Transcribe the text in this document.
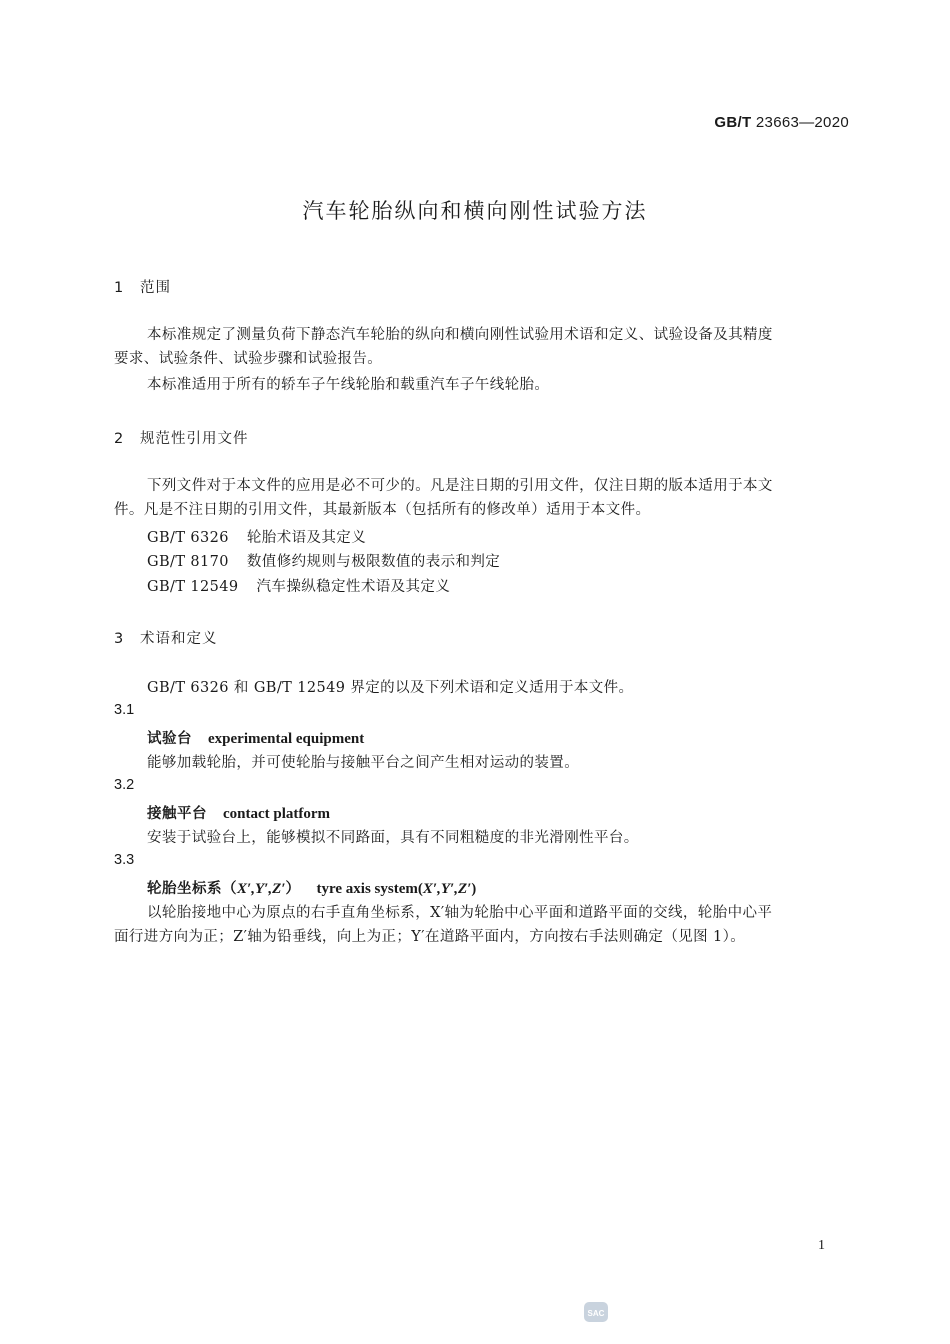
GB/T 23663—2020
汽车轮胎纵向和横向刚性试验方法
1 范围
本标准规定了测量负荷下静态汽车轮胎的纵向和横向刚性试验用术语和定义、试验设备及其精度
要求、试验条件、试验步骤和试验报告。
本标准适用于所有的轿车子午线轮胎和载重汽车子午线轮胎。
2 规范性引用文件
下列文件对于本文件的应用是必不可少的。凡是注日期的引用文件，仅注日期的版本适用于本文
件。凡是不注日期的引用文件，其最新版本（包括所有的修改单）适用于本文件。
GB/T 6326 轮胎术语及其定义
GB/T 8170 数值修约规则与极限数值的表示和判定
GB/T 12549 汽车操纵稳定性术语及其定义
3 术语和定义
GB/T 6326 和 GB/T 12549 界定的以及下列术语和定义适用于本文件。
3.1
试验台 experimental equipment
能够加载轮胎，并可使轮胎与接触平台之间产生相对运动的装置。
3.2
接触平台 contact platform
安装于试验台上，能够模拟不同路面，具有不同粗糙度的非光滑刚性平台。
3.3
轮胎坐标系（X′,Y′,Z′） tyre axis system(X′,Y′,Z′)
以轮胎接地中心为原点的右手直角坐标系，X′轴为轮胎中心平面和道路平面的交线，轮胎中心平
面行进方向为正；Z′轴为铅垂线，向上为正；Y′在道路平面内，方向按右手法则确定（见图 1）。
1
SAC
